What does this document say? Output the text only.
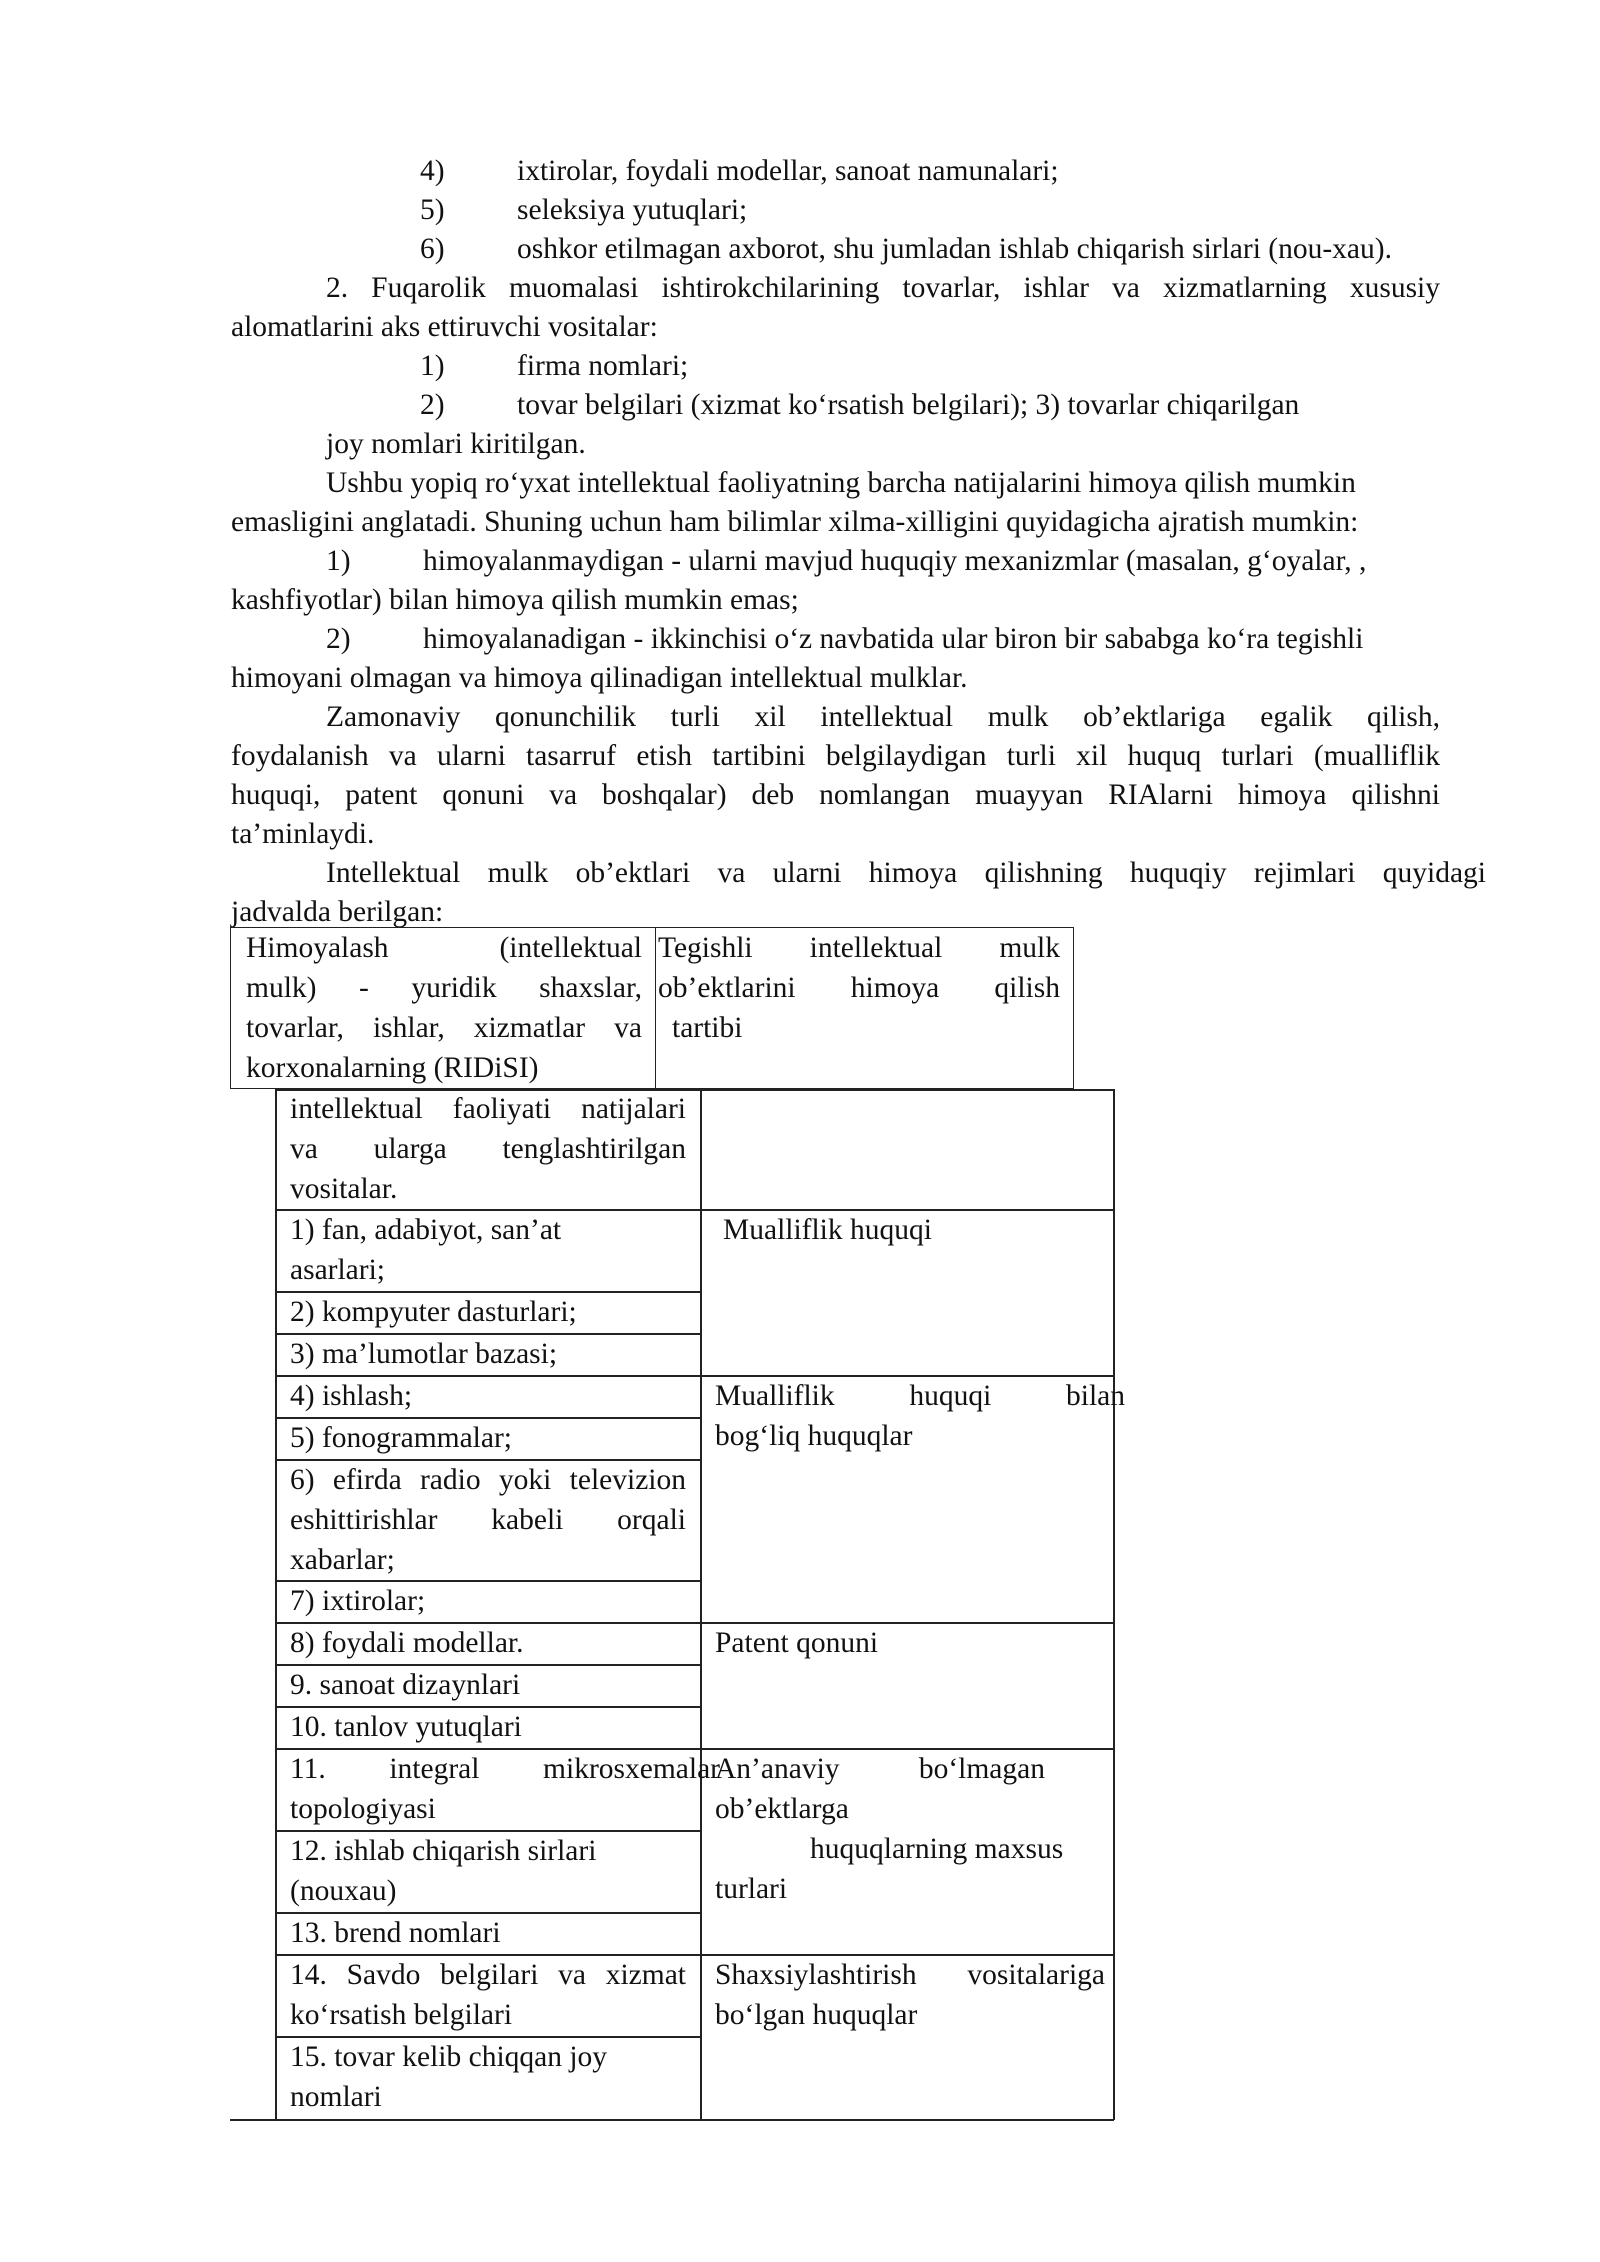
4) ixtirolar, foydali modellar, sanoat namunalari;
5) seleksiya yutuqlari;
6) oshkor etilmagan axborot, shu jumladan ishlab chiqarish sirlari (nou-xau).
2. Fuqarolik muomalasi ishtirokchilarining tovarlar, ishlar va xizmatlarning xususiy
alomatlarini aks ettiruvchi vositalar:
1) firma nomlari;
2) tovar belgilari (xizmat ko‘rsatish belgilari); 3) tovarlar chiqarilgan
joy nomlari kiritilgan.
Ushbu yopiq ro‘yxat intellektual faoliyatning barcha natijalarini himoya qilish mumkin
emasligini anglatadi. Shuning uchun ham bilimlar xilma-xilligini quyidagicha ajratish mumkin:
1) himoyalanmaydigan - ularni mavjud huquqiy mexanizmlar (masalan, g‘oyalar, ,
kashfiyotlar) bilan himoya qilish mumkin emas;
2) himoyalanadigan - ikkinchisi o‘z navbatida ular biron bir sababga ko‘ra tegishli
himoyani olmagan va himoya qilinadigan intellektual mulklar.
Zamonaviy qonunchilik turli xil intellektual mulk ob’ektlariga egalik qilish,
foydalanish va ularni tasarruf etish tartibini belgilaydigan turli xil huquq turlari (mualliflik
huquqi, patent qonuni va boshqalar) deb nomlangan muayyan RIAlarni himoya qilishni
ta’minlaydi.
Intellektual mulk ob’ektlari va ularni himoya qilishning huquqiy rejimlari quyidagi
jadvalda berilgan:
Himoyalash (intellektual
mulk) - yuridik shaxslar,
tovarlar, ishlar, xizmatlar va
korxonalarning (RIDiSI)
Tegishli intellektual mulk
ob’ektlarini himoya qilish
tartibi
intellektual faoliyati natijalari
va ularga tenglashtirilgan
vositalar.
1) fan, adabiyot, san’at
asarlari;
2) kompyuter dasturlari;
3) ma’lumotlar bazasi;
4) ishlash;
5) fonogrammalar;
6) efirda radio yoki televizion
eshittirishlar kabeli orqali
xabarlar;
7) ixtirolar;
8) foydali modellar.
9. sanoat dizaynlari
10. tanlov yutuqlari
11. integral mikrosxemalar
topologiyasi
12. ishlab chiqarish sirlari
(nouxau)
13. brend nomlari
14. Savdo belgilari va xizmat
ko‘rsatish belgilari
15. tovar kelib chiqqan joy
nomlari
Mualliflik huquqi
Mualliflik huquqi bilan
bog‘liq huquqlar
Patent qonuni
An’anaviy bo‘lmagan
ob’ektlarga
huquqlarning maxsus
turlari
Shaxsiylashtirish vositalariga
bo‘lgan huquqlar
